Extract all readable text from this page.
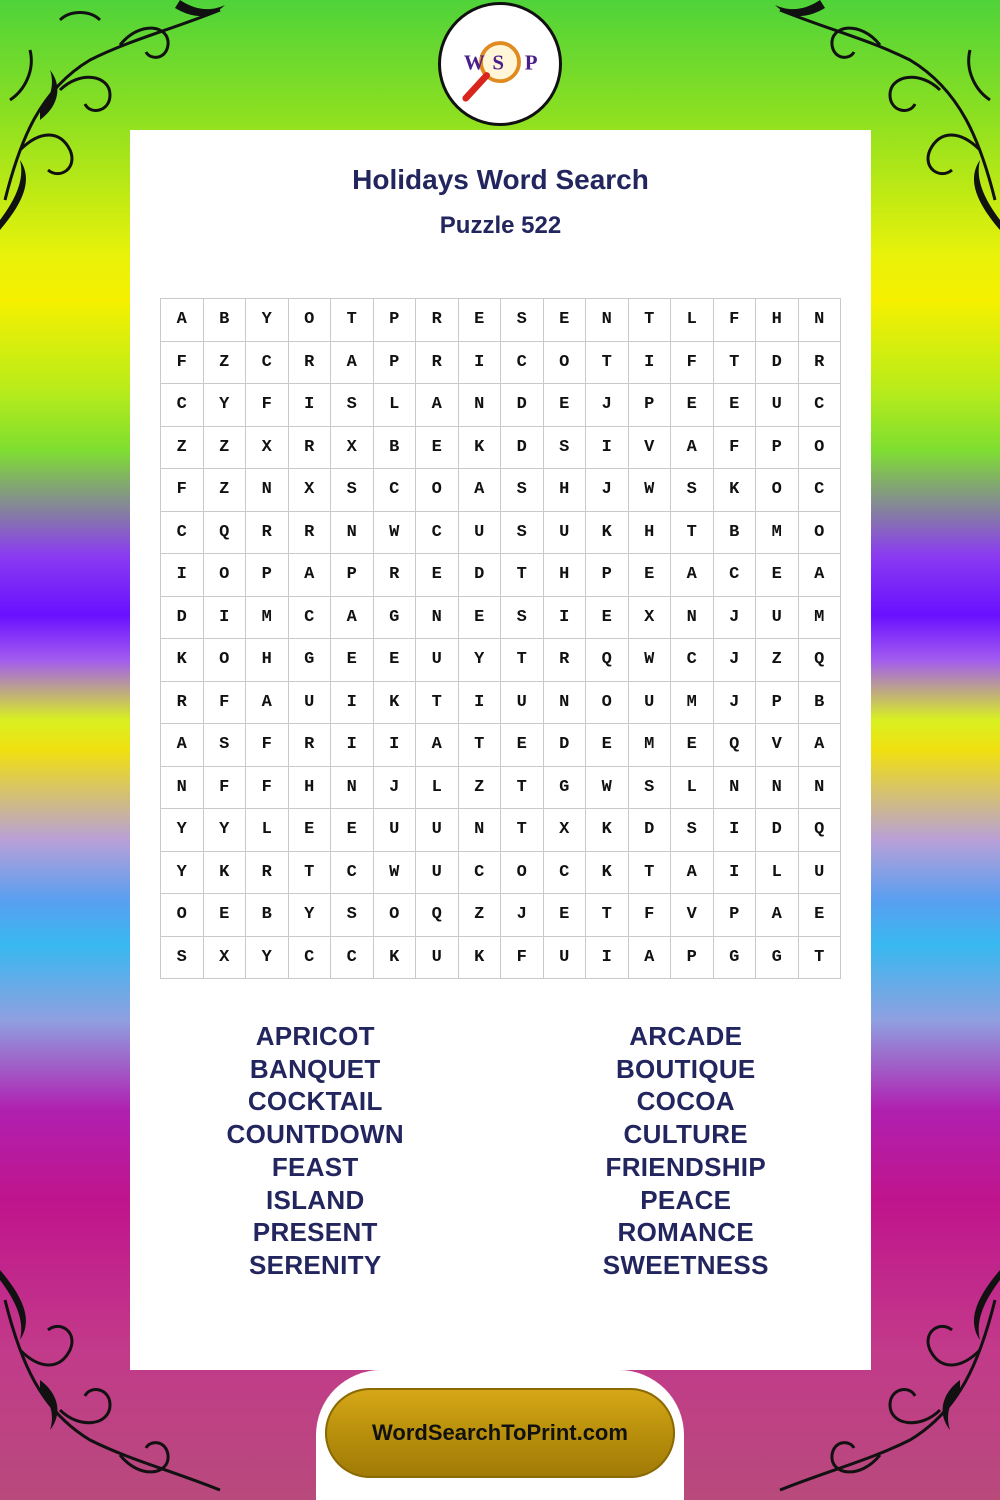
W S P
Holidays Word Search
Puzzle 522
A	B	Y	O	T	P	R	E	S	E	N	T	L	F	H	N
F	Z	C	R	A	P	R	I	C	O	T	I	F	T	D	R
C	Y	F	I	S	L	A	N	D	E	J	P	E	E	U	C
Z	Z	X	R	X	B	E	K	D	S	I	V	A	F	P	O
F	Z	N	X	S	C	O	A	S	H	J	W	S	K	O	C
C	Q	R	R	N	W	C	U	S	U	K	H	T	B	M	O
I	O	P	A	P	R	E	D	T	H	P	E	A	C	E	A
D	I	M	C	A	G	N	E	S	I	E	X	N	J	U	M
K	O	H	G	E	E	U	Y	T	R	Q	W	C	J	Z	Q
R	F	A	U	I	K	T	I	U	N	O	U	M	J	P	B
A	S	F	R	I	I	A	T	E	D	E	M	E	Q	V	A
N	F	F	H	N	J	L	Z	T	G	W	S	L	N	N	N
Y	Y	L	E	E	U	U	N	T	X	K	D	S	I	D	Q
Y	K	R	T	C	W	U	C	O	C	K	T	A	I	L	U
O	E	B	Y	S	O	Q	Z	J	E	T	F	V	P	A	E
S	X	Y	C	C	K	U	K	F	U	I	A	P	G	G	T
APRICOT
BANQUET
COCKTAIL
COUNTDOWN
FEAST
ISLAND
PRESENT
SERENITY
ARCADE
BOUTIQUE
COCOA
CULTURE
FRIENDSHIP
PEACE
ROMANCE
SWEETNESS
WordSearchToPrint.com
